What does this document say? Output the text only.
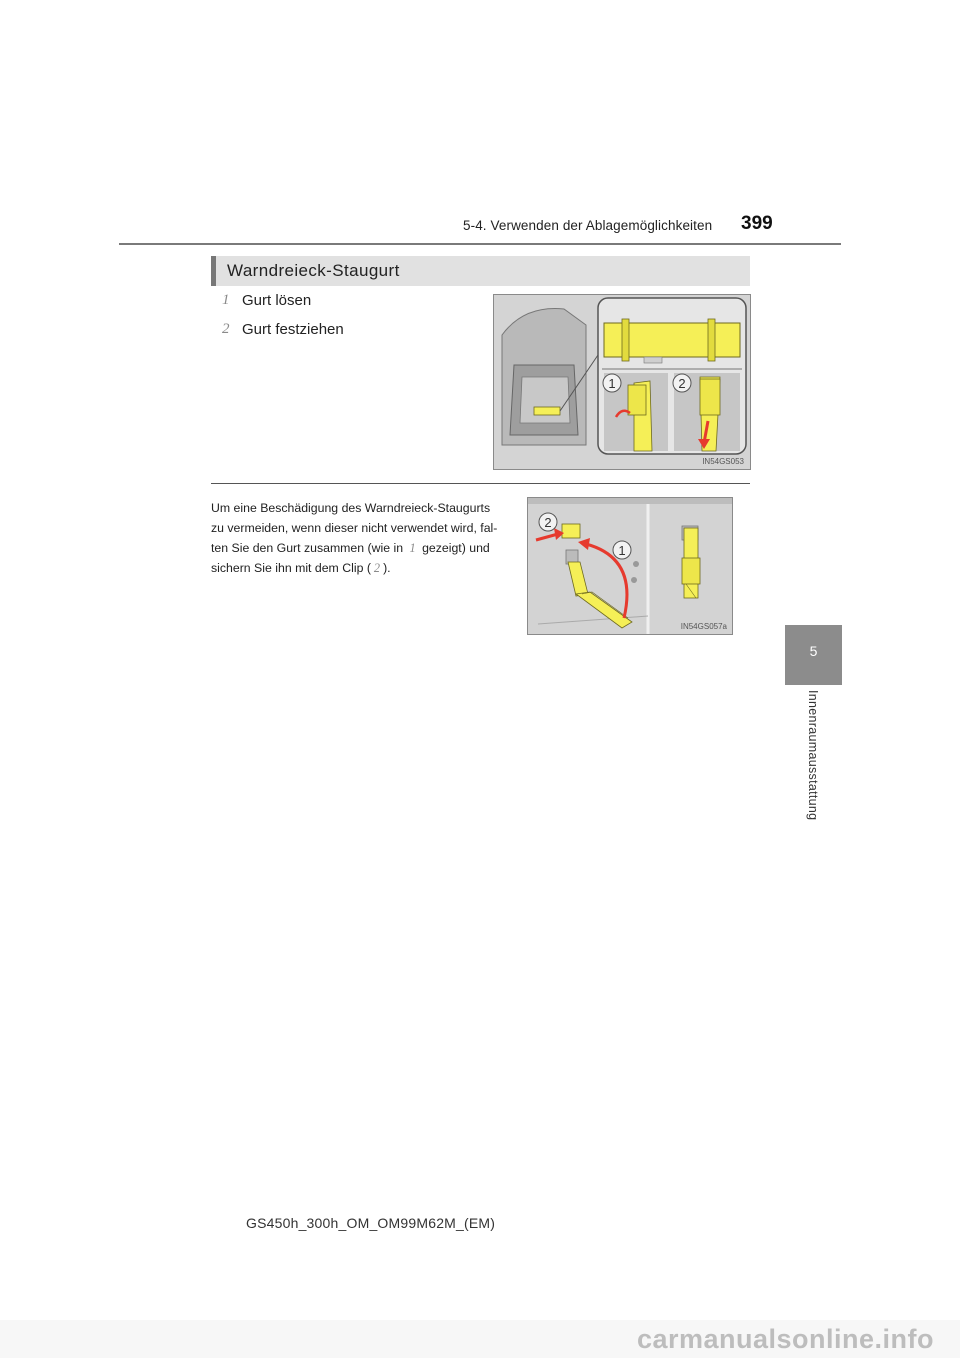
5-4. Verwenden der Ablagemöglichkeiten 399
5
Innenraumausstattung
Warndreieck-Staugurt
1 Gurt lösen
2 Gurt festziehen
1	2
IN54GS053
Um eine Beschädigung des Warndreieck-Staugurts
zu vermeiden, wenn dieser nicht verwendet wird, fal-
ten Sie den Gurt zusammen (wie in 1 gezeigt) und
sichern Sie ihn mit dem Clip ( 2 ).
2
1
IN54GS057a
GS450h_300h_OM_OM99M62M_(EM)
carmanualsonline.info
